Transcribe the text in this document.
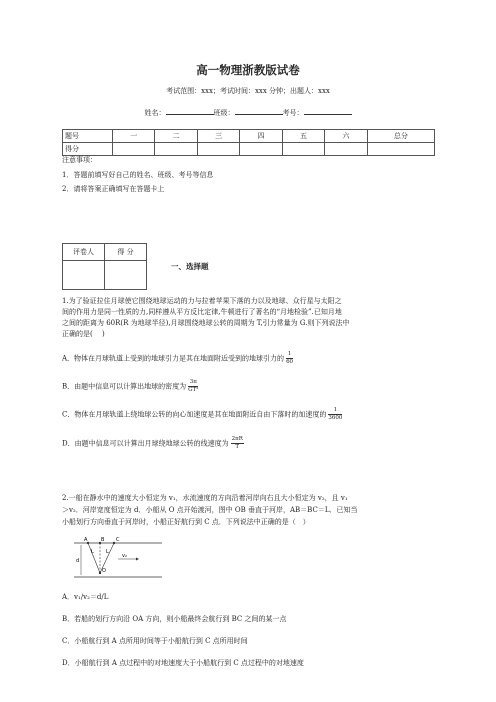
高一物理浙教版试卷
考试范围：xxx；考试时间：xxx 分钟；出题人：xxx
姓名：	班级：	考号：
题号	一	二	三	四	五	六	总分
得分							
注意事项：
1．答题前填写好自己的姓名、班级、考号等信息
2．请将答案正确填写在答题卡上
评卷人	得 分

一、选择题
1.为了验证拉住月球使它围绕地球运动的力与拉着苹果下落的力以及地球、众行星与太阳之
间的作用力是同一性质的力,同样遵从平方反比定律,牛顿进行了著名的“月地检验”.已知月地
之间的距离为 60R(R 为地球半径),月球围绕地球公转的周期为 T,引力常量为 G.则下列说法中
正确的是(　 )
A．物体在月球轨道上受到的地球引力是其在地面附近受到的地球引力的 $\frac{1}{60}$
B．由题中信息可以计算出地球的密度为 $\frac{3\pi}{\text{GT²}}$
C．物体在月球轨道上绕地球公转的向心加速度是其在地面附近自由下落时的加速度的 $\frac{1}{3600}$
D．由题中信息可以计算出月球绕地球公转的线速度为 $\frac{2\pi R}{T}$
2.一船在静水中的速度大小恒定为 v₁，水流速度的方向沿着河岸向右且大小恒定为 v₂，且 v₁
＞v₂．河岸宽度恒定为 d．小船从 O 点开始渡河，图中 OB 垂直于河岸，AB＝BC＝L．已知当
小船划行方向垂直于河岸时，小船正好航行到 C 点．下列说法中正确的是（　）
A	B C
d
L L
v₂
O
A．v₁/v₂＝d/L
B．若船的划行方向沿 OA 方向，则小船最终会航行到 BC 之间的某一点
C．小船航行到 A 点所用时间等于小船航行到 C 点所用时间
D．小船航行到 A 点过程中的对地速度大于小船航行到 C 点过程中的对地速度
